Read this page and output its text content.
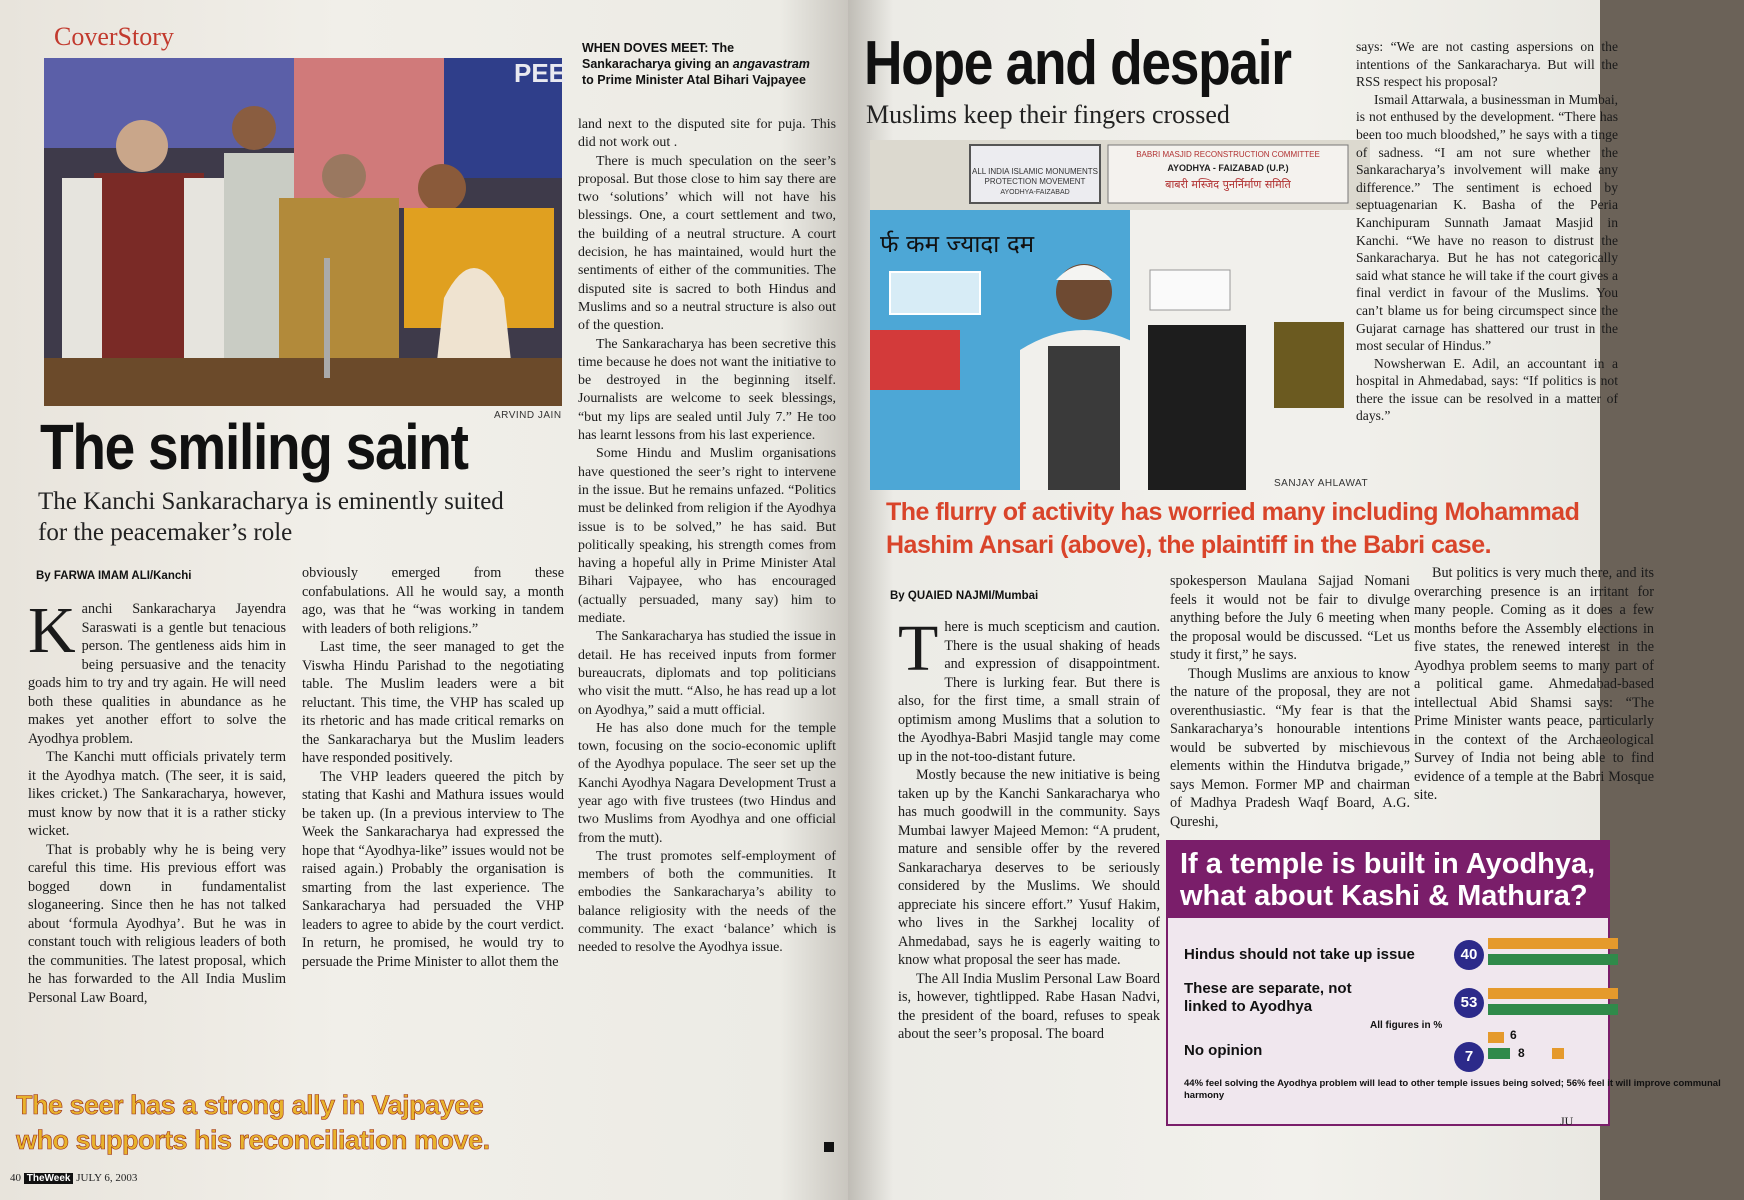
CoverStory
PEE
ARVIND JAIN
WHEN DOVES MEET: The Sankaracharya giving an angavastram to Prime Minister Atal Bihari Vajpayee
The smiling saint
The Kanchi Sankaracharya is eminently suited for the peacemaker’s role
By FARWA IMAM ALI/Kanchi
K anchi Sankaracharya Jayendra Saraswati is a gentle but tenacious person. The gentleness aids him in being persuasive and the tenacity goads him to try and try again. He will need both these qualities in abundance as he makes yet another effort to solve the Ayodhya problem.

The Kanchi mutt officials privately term it the Ayodhya match. (The seer, it is said, likes cricket.) The Sankaracharya, however, must know by now that it is a rather sticky wicket.

That is probably why he is being very careful this time. His previous effort was bogged down in fundamentalist sloganeering. Since then he has not talked about ‘formula Ayodhya’. But he was in constant touch with religious leaders of both the communities. The latest proposal, which he has forwarded to the All India Muslim Personal Law Board,

obviously emerged from these confabulations. All he would say, a month ago, was that he “was working in tandem with leaders of both religions.”

Last time, the seer managed to get the Viswha Hindu Parishad to the negotiating table. The Muslim leaders were a bit reluctant. This time, the VHP has scaled up its rhetoric and has made critical remarks on the Sankaracharya but the Muslim leaders have responded positively.

The VHP leaders queered the pitch by stating that Kashi and Mathura issues would be taken up. (In a previous interview to The Week the Sankaracharya had expressed the hope that “Ayodhya-like” issues would not be raised again.) Probably the organisation is smarting from the last experience. The Sankaracharya had persuaded the VHP leaders to agree to abide by the court verdict. In return, he promised, he would try to persuade the Prime Minister to allot them the

land next to the disputed site for puja. This did not work out .

There is much speculation on the seer’s proposal. But those close to him say there are two ‘solutions’ which will not have his blessings. One, a court settlement and two, the building of a neutral structure. A court decision, he has maintained, would hurt the sentiments of either of the communities. The disputed site is sacred to both Hindus and Muslims and so a neutral structure is also out of the question.

The Sankaracharya has been secretive this time because he does not want the initiative to be destroyed in the beginning itself. Journalists are welcome to seek blessings, “but my lips are sealed until July 7.” He too has learnt lessons from his last experience.

Some Hindu and Muslim organisations have questioned the seer’s right to intervene in the issue. But he remains unfazed. “Politics must be delinked from religion if the Ayodhya issue is to be solved,” he has said. But politically speaking, his strength comes from having a hopeful ally in Prime Minister Atal Bihari Vajpayee, who has encouraged (actually persuaded, many say) him to mediate.

The Sankaracharya has studied the issue in detail. He has received inputs from former bureaucrats, diplomats and top politicians who visit the mutt. “Also, he has read up a lot on Ayodhya,” said a mutt official.

He has also done much for the temple town, focusing on the socio-economic uplift of the Ayodhya populace. The seer set up the Kanchi Ayodhya Nagara Development Trust a year ago with five trustees (two Hindus and two Muslims from Ayodhya and one official from the mutt).

The trust promotes self-employment of members of both the communities. It embodies the Sankaracharya’s ability to balance religiosity with the needs of the community. The exact ‘balance’ which is needed to resolve the Ayodhya issue.

The seer has a strong ally in Vajpayee who supports his reconciliation move.
40 TheWeek JULY 6, 2003
Hope and despair
Muslims keep their fingers crossed
ALL INDIA ISLAMIC MONUMENTS
PROTECTION MOVEMENT
AYODHYA-FAIZABAD
BABRI MASJID RECONSTRUCTION COMMITTEE
AYODHYA - FAIZABAD (U.P.)
बाबरी मस्जिद पुनर्निर्माण समिति
र्फ कम ज्यादा दम
SANJAY AHLAWAT
The flurry of activity has worried many including Mohammad Hashim Ansari (above), the plaintiff in the Babri case.
By QUAIED NAJMI/Mumbai
T here is much scepticism and caution. There is the usual shaking of heads and expression of disappointment. There is lurking fear. But there is also, for the first time, a small strain of optimism among Muslims that a solution to the Ayodhya-Babri Masjid tangle may come up in the not-too-distant future.

Mostly because the new initiative is being taken up by the Kanchi Sankaracharya who has much goodwill in the community. Says Mumbai lawyer Majeed Memon: “A prudent, mature and sensible offer by the revered Sankaracharya deserves to be seriously considered by the Muslims. We should appreciate his sincere effort.” Yusuf Hakim, who lives in the Sarkhej locality of Ahmedabad, says he is eagerly waiting to know what proposal the seer has made.

The All India Muslim Personal Law Board is, however, tightlipped. Rabe Hasan Nadvi, the president of the board, refuses to speak about the seer’s proposal. The board

spokesperson Maulana Sajjad Nomani feels it would not be fair to divulge anything before the July 6 meeting when the proposal would be discussed. “Let us study it first,” he says.

Though Muslims are anxious to know the nature of the proposal, they are not overenthusiastic. “My fear is that the Sankaracharya’s honourable intentions would be subverted by mischievous elements within the Hindutva brigade,” says Memon. Former MP and chairman of Madhya Pradesh Waqf Board, A.G. Qureshi,

says: “We are not casting aspersions on the intentions of the Sankaracharya. But will the RSS respect his proposal?

Ismail Attarwala, a businessman in Mumbai, is not enthused by the development. “There has been too much bloodshed,” he says with a tinge of sadness. “I am not sure whether the Sankaracharya’s involvement will make any difference.” The sentiment is echoed by septuagenarian K. Basha of the Peria Kanchipuram Sunnath Jamaat Masjid in Kanchi. “We have no reason to distrust the Sankaracharya. But he has not categorically said what stance he will take if the court gives a final verdict in favour of the Muslims. You can’t blame us for being circumspect since the Gujarat carnage has shattered our trust in the most secular of Hindus.”

Nowsherwan E. Adil, an accountant in a hospital in Ahmedabad, says: “If politics is not there the issue can be resolved in a matter of days.”

But politics is very much there, and its overarching presence is an irritant for many people. Coming as it does a few months before the Assembly elections in five states, the renewed interest in the Ayodhya problem seems to many part of a political game. Ahmedabad-based intellectual Abid Shamsi says: “The Prime Minister wants peace, particularly in the context of the Archaeological Survey of India not being able to find evidence of a temple at the Babri Mosque site.

If a temple is built in Ayodhya, what about Kashi & Mathura?
Hindus should not take up issue
These are separate, not linked to Ayodhya
No opinion
40
53
7
6
8
All figures in %
44% feel solving the Ayodhya problem will lead to other temple issues being solved; 56% feel it will improve communal harmony
JU
